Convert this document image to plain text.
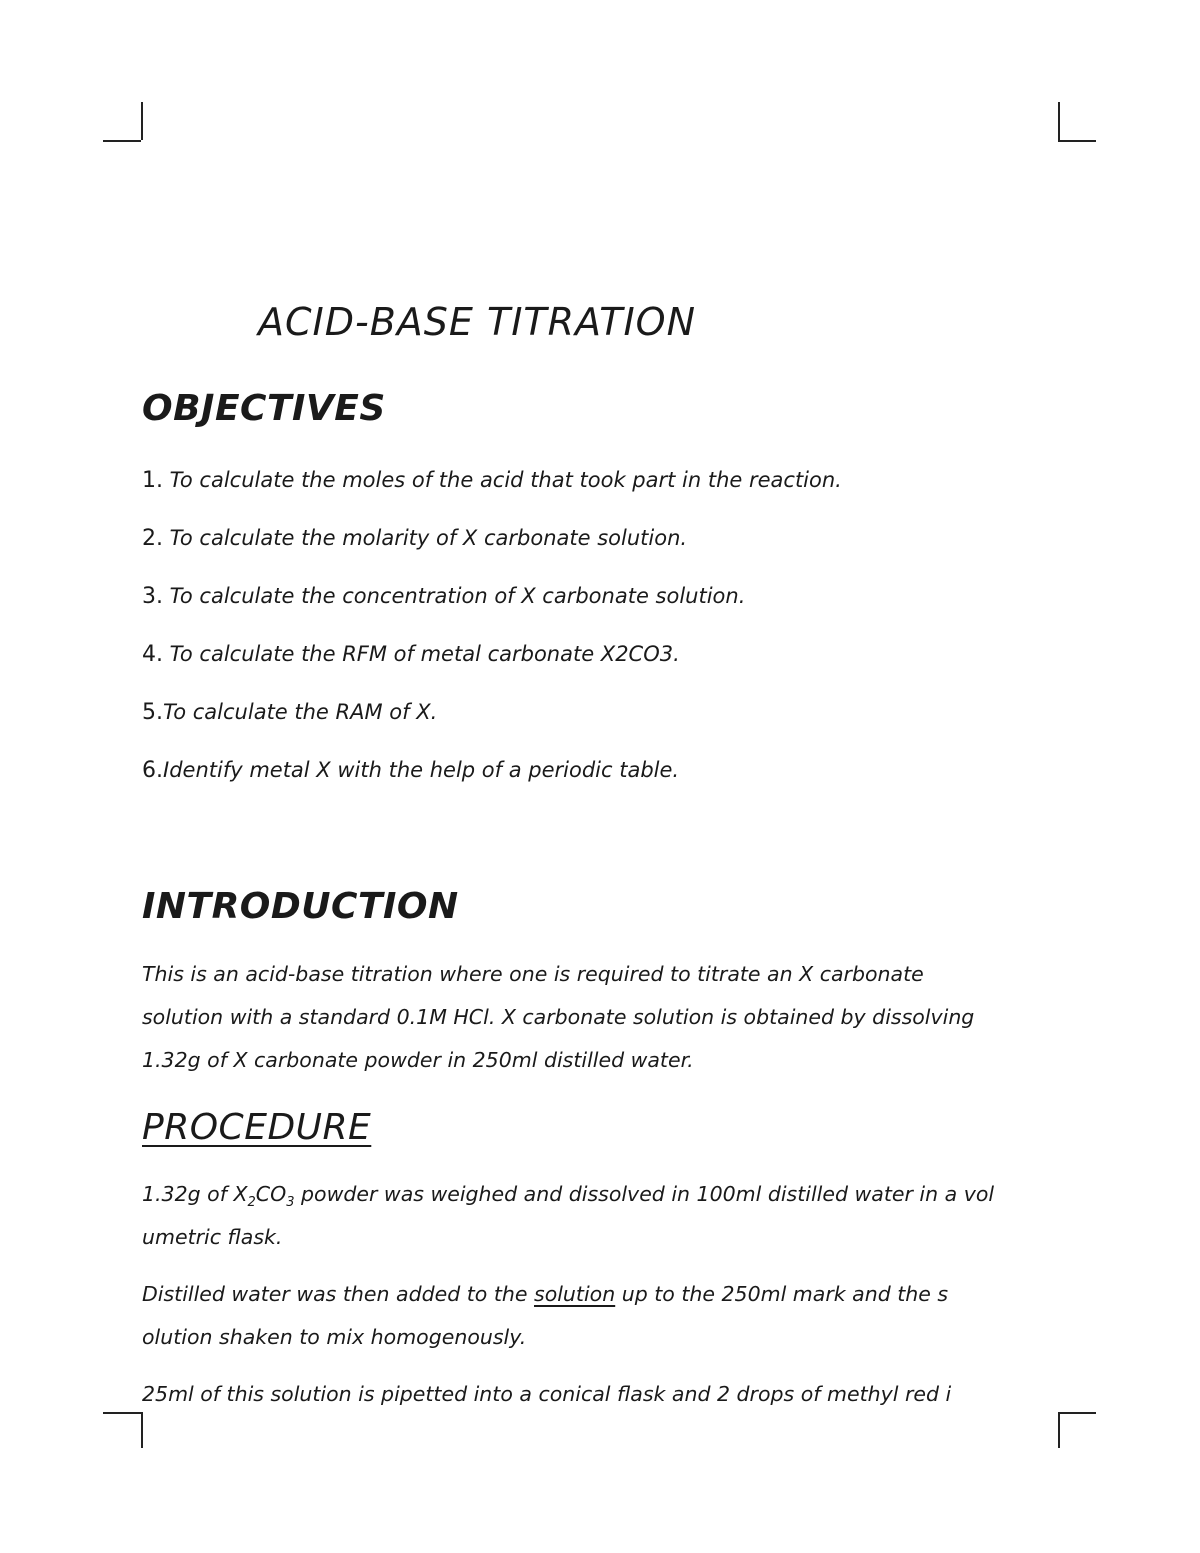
ACID-BASE TITRATION
OBJECTIVES
1. To calculate the moles of the acid that took part in the reaction.
2. To calculate the molarity of X carbonate solution.
3. To calculate the concentration of X carbonate solution.
4. To calculate the RFM of metal carbonate X2CO3.
5.To calculate the RAM of X.
6.Identify metal X with the help of a periodic table.
INTRODUCTION
This is an acid-base titration where one is required to titrate an X carbonate
solution with a standard 0.1M HCl. X carbonate solution is obtained by dissolving
1.32g of X carbonate powder in 250ml distilled water.
PROCEDURE
1.32g of $X_2CO_3$ powder was weighed and dissolved in 100ml distilled water in a vol
umetric flask.
Distilled water was then added to the solution up to the 250ml mark and the s
olution shaken to mix homogenously.
25ml of this solution is pipetted into a conical flask and 2 drops of methyl red i
